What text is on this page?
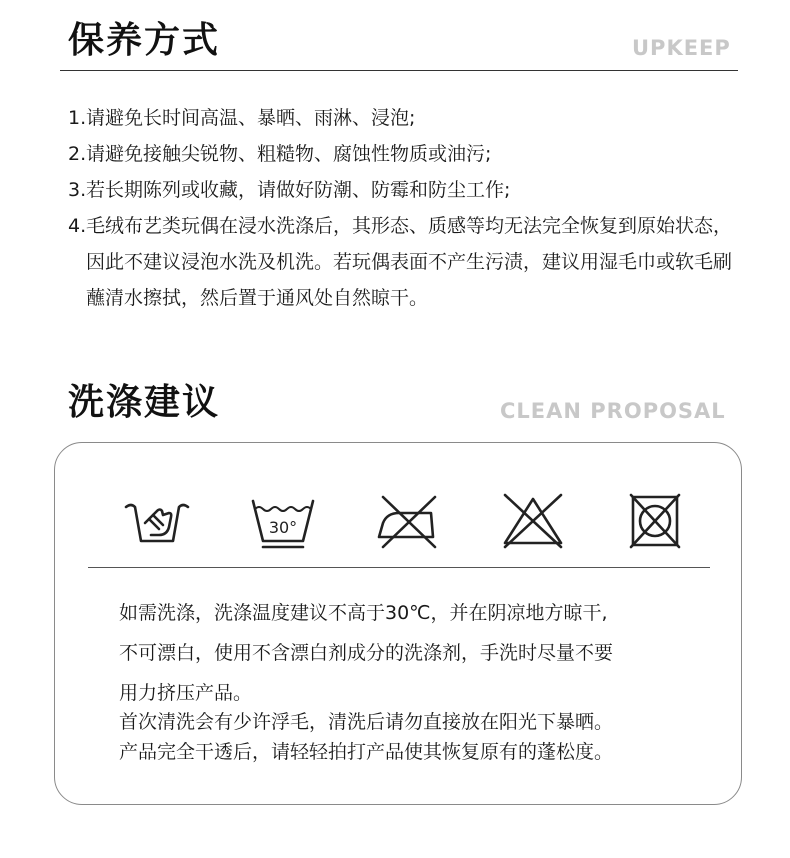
保养方式	UPKEEP
1. 请避免长时间高温、暴晒、雨淋、浸泡;
2. 请避免接触尖锐物、粗糙物、腐蚀性物质或油污;
3. 若长期陈列或收藏，请做好防潮、防霉和防尘工作;
4. 毛绒布艺类玩偶在浸水洗涤后，其形态、质感等均无法完全恢复到原始状态，因此不建议浸泡水洗及机洗。若玩偶表面不产生污渍，建议用湿毛巾或软毛刷蘸清水擦拭，然后置于通风处自然晾干。
洗涤建议	CLEAN PROPOSAL
30°

如需洗涤，洗涤温度建议不高于30℃，并在阴凉地方晾干,

不可漂白，使用不含漂白剂成分的洗涤剂，手洗时尽量不要

用力挤压产品。

首次清洗会有少许浮毛，清洗后请勿直接放在阳光下暴晒。

产品完全干透后，请轻轻拍打产品使其恢复原有的蓬松度。
